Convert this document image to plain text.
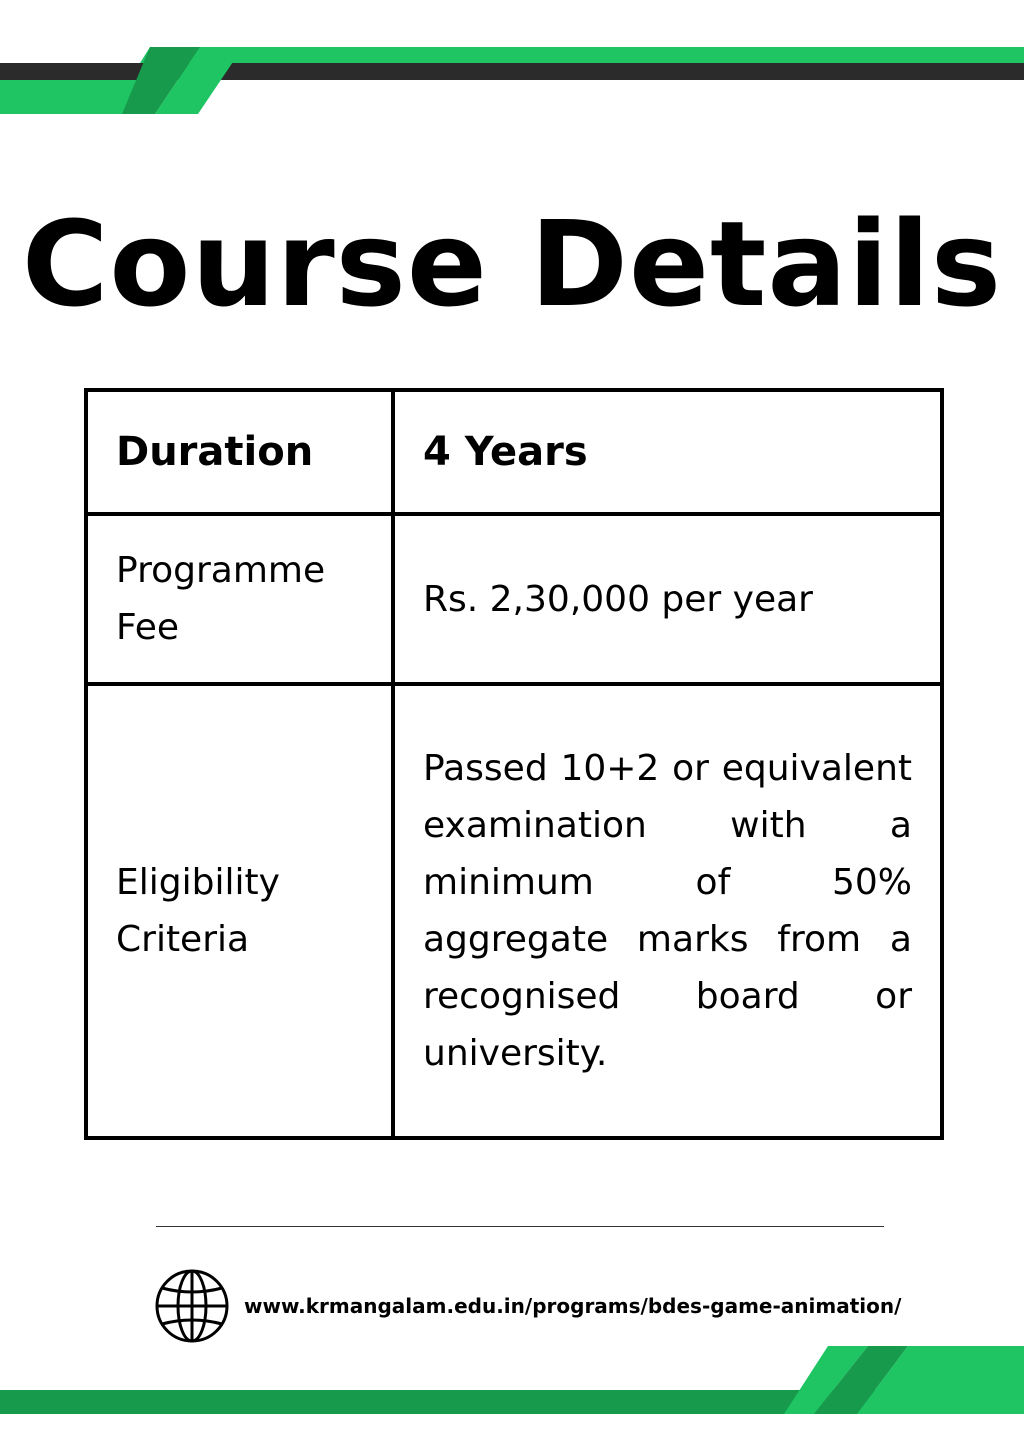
Course Details
Duration	4 Years
Programme Fee	Rs. 2,30,000 per year
Eligibility Criteria	Passed 10+2 or equivalent examination with a minimum of 50% aggregate marks from a recognised board or university.
www.krmangalam.edu.in/programs/bdes-game-animation/
